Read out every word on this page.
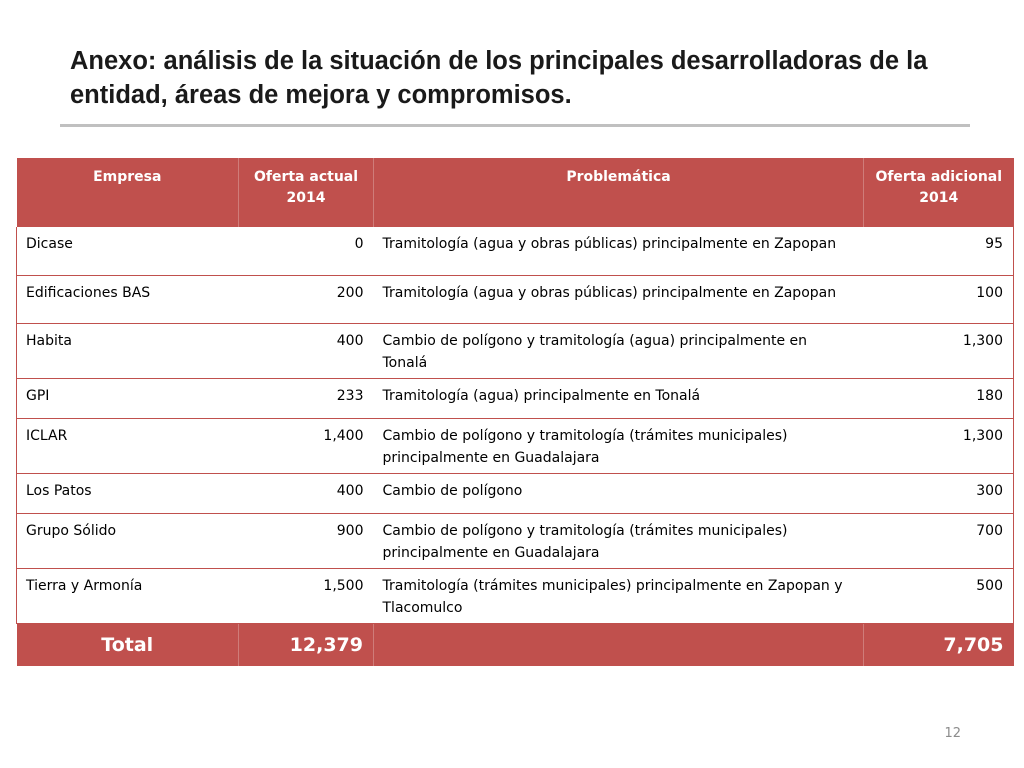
Anexo: análisis de la situación de los principales desarrolladoras de la entidad, áreas de mejora y compromisos.
Empresa	Oferta actual 2014	Problemática	Oferta adicional 2014
Dicase	0	Tramitología (agua y obras públicas) principalmente en Zapopan	95
Edificaciones BAS	200	Tramitología (agua y obras públicas) principalmente en Zapopan	100
Habita	400	Cambio de polígono y tramitología (agua) principalmente en Tonalá	1,300
GPI	233	Tramitología (agua) principalmente en Tonalá	180
ICLAR	1,400	Cambio de polígono y tramitología (trámites municipales) principalmente en Guadalajara	1,300
Los Patos	400	Cambio de polígono	300
Grupo Sólido	900	Cambio de polígono y tramitología (trámites municipales) principalmente en Guadalajara	700
Tierra y Armonía	1,500	Tramitología (trámites municipales) principalmente en Zapopan y Tlacomulco	500
Total	12,379		7,705
12
